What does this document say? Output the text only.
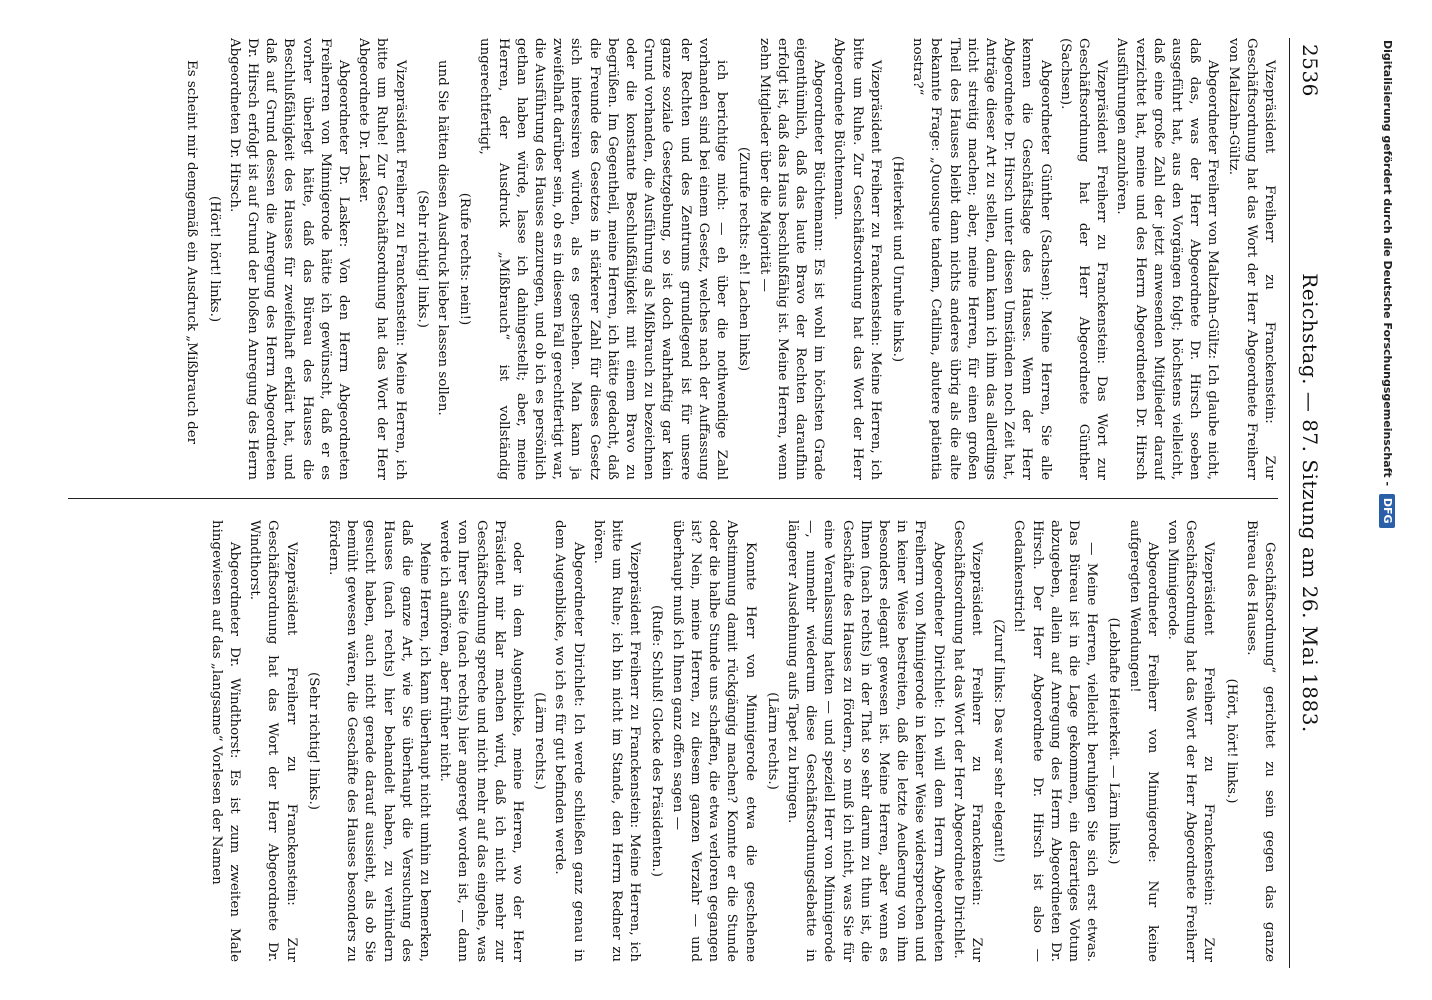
2536
Reichstag. — 87. Sitzung am 26. Mai 1883.

Vizepräsident Freiherr zu Franckenstein: Zur Geschäftsordnung hat das Wort der Herr Abgeordnete Freiherr von Maltzahn-Gültz.

Abgeordneter Freiherr von Maltzahn-Gültz: Ich glaube nicht, daß das, was der Herr Abgeordnete Dr. Hirsch soeben ausgeführt hat, aus den Vorgängen folgt; höchstens vielleicht, daß eine große Zahl der jetzt anwesenden Mitglieder darauf verzichtet hat, meine und des Herrn Abgeordneten Dr. Hirsch Ausführungen anzuhören.

Vizepräsident Freiherr zu Franckenstein: Das Wort zur Geschäftsordnung hat der Herr Abgeordnete Günther (Sachsen).

Abgeordneter Günther (Sachsen): Meine Herren, Sie alle kennen die Geschäftslage des Hauses. Wenn der Herr Abgeordnete Dr. Hirsch unter diesen Umständen noch Zeit hat, Anträge dieser Art zu stellen, dann kann ich ihm das allerdings nicht streitig machen; aber, meine Herren, für einen großen Theil des Hauses bleibt dann nichts anderes übrig als die alte bekannte Frage: „Quousque tandem, Catilina, abutere patientia nostra?“

(Heiterkeit und Unruhe links.)

Vizepräsident Freiherr zu Franckenstein: Meine Herren, ich bitte um Ruhe. Zur Geschäftsordnung hat das Wort der Herr Abgeordnete Büchtemann.

Abgeordneter Büchtemann: Es ist wohl im höchsten Grade eigenthümlich, daß das laute Bravo der Rechten daraufhin erfolgt ist, daß das Haus beschlußfähig ist. Meine Herren, wenn zehn Mitglieder über die Majorität —

(Zurufe rechts: eh! Lachen links)

ich berichtige mich: — eh über die nothwendige Zahl vorhanden sind bei einem Gesetz, welches nach der Auffassung der Rechten und des Zentrums grundlegend ist für unsere ganze soziale Gesetzgebung, so ist doch wahrhaftig gar kein Grund vorhanden, die Ausführung als Mißbrauch zu bezeichnen oder die konstante Beschlußfähigkeit mit einem Bravo zu begrüßen. Im Gegentheil, meine Herren, ich hätte gedacht, daß die Freunde des Gesetzes in stärkerer Zahl für dieses Gesetz sich interessiren würden, als es geschehen. Man kann ja zweifelhaft darüber sein, ob es in diesem Fall gerechtfertigt war, die Ausführung des Hauses anzuregen, und ob ich es persönlich gethan haben würde, lasse ich dahingestellt; aber, meine Herren, der Ausdruck „Mißbrauch“ ist vollständig ungerechtfertigt,

(Rufe rechts: nein!)

und Sie hätten diesen Ausdruck lieber lassen sollen.

(Sehr richtig! links.)

Vizepräsident Freiherr zu Franckenstein: Meine Herren, ich bitte um Ruhe! Zur Geschäftsordnung hat das Wort der Herr Abgeordnete Dr. Lasker.

Abgeordneter Dr. Lasker: Von den Herrn Abgeordneten Freiherren von Minnigerode hätte ich gewünscht, daß er es vorher überlegt hätte, daß das Büreau des Hauses die Beschlußfähigkeit des Hauses für zweifelhaft erklärt hat, und daß auf Grund dessen die Anregung des Herrn Abgeordneten Dr. Hirsch erfolgt ist auf Grund der bloßen Anregung des Herrn Abgeordneten Dr. Hirsch.

(Hört! hört! links.)

Es scheint mir demgemäß ein Ausdruck „Mißbrauch der

Geschäftsordnung“ gerichtet zu sein gegen das ganze Büreau des Hauses.

(Hört, hört! links.)

Vizepräsident Freiherr zu Franckenstein: Zur Geschäftsordnung hat das Wort der Herr Abgeordnete Freiherr von Minnigerode.

Abgeordneter Freiherr von Minnigerode: Nur keine aufgeregten Wendungen!

(Lebhafte Heiterkeit. — Lärm links.)

— Meine Herren, vielleicht beruhigen Sie sich erst etwas. Das Büreau ist in die Lage gekommen, ein derartiges Votum abzugeben, allein auf Anregung des Herrn Abgeordneten Dr. Hirsch. Der Herr Abgeordnete Dr. Hirsch ist also — Gedankenstrich!

(Zuruf links: Das war sehr elegant!)

Vizepräsident Freiherr zu Franckenstein: Zur Geschäftsordnung hat das Wort der Herr Abgeordnete Dirichlet.

Abgeordneter Dirichlet: Ich will dem Herrn Abgeordneten Freiherrn von Minnigerode in keiner Weise widersprechen und in keiner Weise bestreiten, daß die letzte Aeußerung von ihm besonders elegant gewesen ist. Meine Herren, aber wenn es Ihnen (nach rechts) in der That so sehr darum zu thun ist, die Geschäfte des Hauses zu fördern, so muß ich nicht, was Sie für eine Veranlassung hatten — und speziell Herr von Minnigerode —, nunmehr wiederum diese Geschäftsordnungsdebatte in längerer Ausdehnung aufs Tapet zu bringen.

(Lärm rechts.)

Konnte Herr von Minnigerode etwa die geschehene Abstimmung damit rückgängig machen? Konnte er die Stunde oder die halbe Stunde uns schaffen, die etwa verloren gegangen ist? Nein, meine Herren, zu diesem ganzen Verzahr — und überhaupt muß ich Ihnen ganz offen sagen —

(Rufe: Schluß! Glocke des Präsidenten.)

Vizepräsident Freiherr zu Franckenstein: Meine Herren, ich bitte um Ruhe; ich bin nicht im Stande, den Herrn Redner zu hören.

Abgeordneter Dirichlet: Ich werde schließen ganz genau in dem Augenblicke, wo ich es für gut befinden werde.

(Lärm rechts.)

oder in dem Augenblicke, meine Herren, wo der Herr Präsident mir klar machen wird, daß ich nicht mehr zur Geschäftsordnung spreche und nicht mehr auf das eingehe, was von Ihrer Seite (nach rechts) hier angeregt worden ist, — dann werde ich aufhören, aber früher nicht.

Meine Herren, ich kann überhaupt nicht umhin zu bemerken, daß die ganze Art, wie Sie überhaupt die Versuchung des Hauses (nach rechts) hier behandelt haben, zu verhindern gesucht haben, auch nicht gerade darauf aussieht, als ob Sie bemüht gewesen wären, die Geschäfte des Hauses besonders zu fördern.

(Sehr richtig! links.)

Vizepräsident Freiherr zu Franckenstein: Zur Geschäftsordnung hat das Wort der Herr Abgeordnete Dr. Windthorst.

Abgeordneter Dr. Windthorst: Es ist zum zweiten Male hingewiesen auf das „langsame“ Vorlesen der Namen

Digitalisierung gefördert durch die Deutsche Forschungsgemeinschaft - DFG
